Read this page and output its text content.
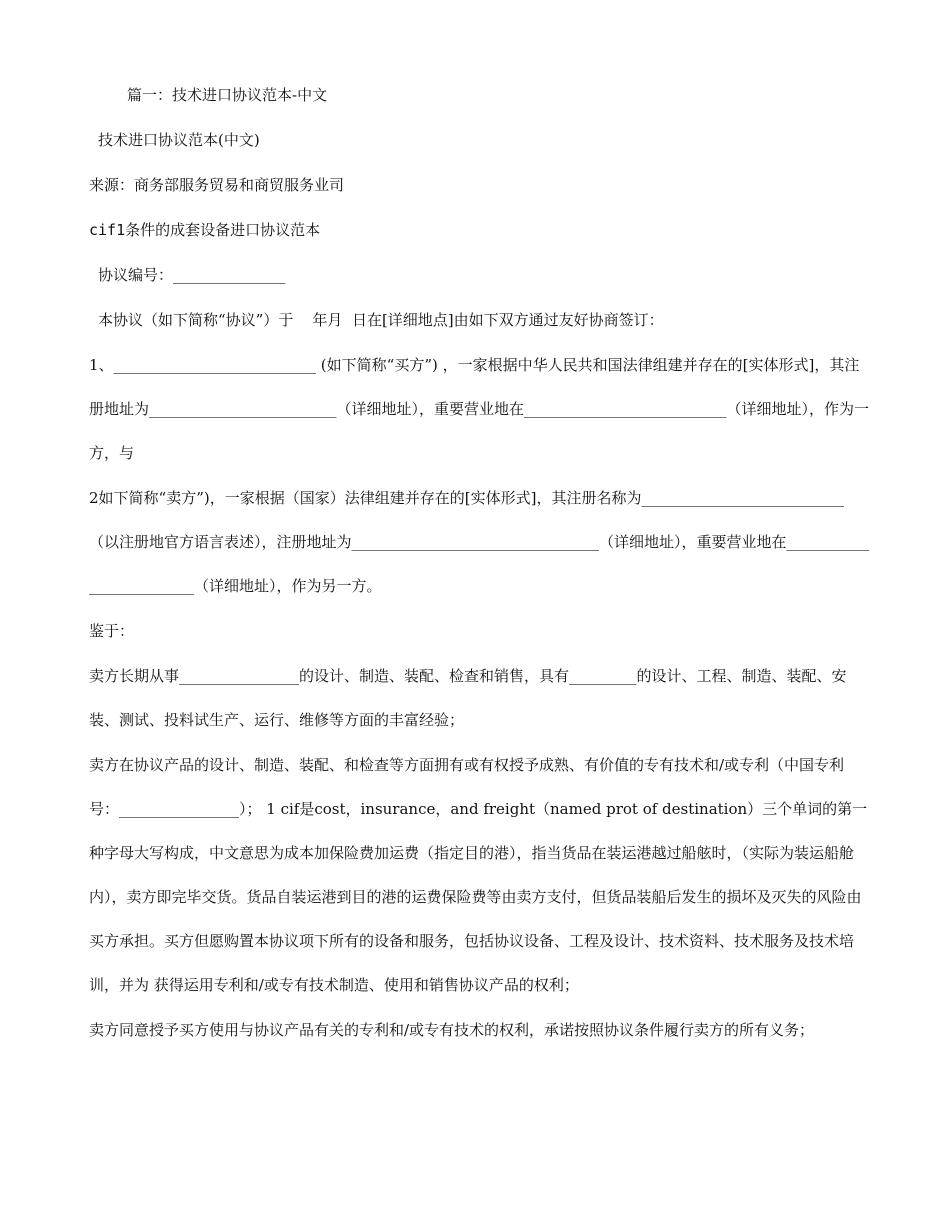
篇一：技术进口协议范本-中文

技术进口协议范本(中文)

来源：商务部服务贸易和商贸服务业司

cif1条件的成套设备进口协议范本

协议编号：_______________

本协议（如下简称“协议”）于    年月  日在[详细地点]由如下双方通过友好协商签订：

1、___________________________ (如下简称“买方”) ，一家根据中华人民共和国法律组建并存在的[实体形式]，其注册地址为_________________________（详细地址），重要营业地在___________________________（详细地址），作为一方，与

2如下简称“卖方”)，一家根据（国家）法律组建并存在的[实体形式]，其注册名称为___________________________（以注册地官方语言表述），注册地址为_________________________________（详细地址），重要营业地在_________________________（详细地址），作为另一方。

鉴于：

卖方长期从事________________的设计、制造、装配、检查和销售，具有_________的设计、工程、制造、装配、安装、测试、投料试生产、运行、维修等方面的丰富经验；

卖方在协议产品的设计、制造、装配、和检查等方面拥有或有权授予成熟、有价值的专有技术和/或专利（中国专利号：________________）； 1 cif是cost，insurance，and freight（named prot of destination）三个单词的第一种字母大写构成，中文意思为成本加保险费加运费（指定目的港），指当货品在装运港越过船舷时，（实际为装运船舱内），卖方即完毕交货。货品自装运港到目的港的运费保险费等由卖方支付，但货品装船后发生的损坏及灭失的风险由买方承担。买方但愿购置本协议项下所有的设备和服务，包括协议设备、工程及设计、技术资料、技术服务及技术培训，并为 获得运用专利和/或专有技术制造、使用和销售协议产品的权利；

卖方同意授予买方使用与协议产品有关的专利和/或专有技术的权利，承诺按照协议条件履行卖方的所有义务；
